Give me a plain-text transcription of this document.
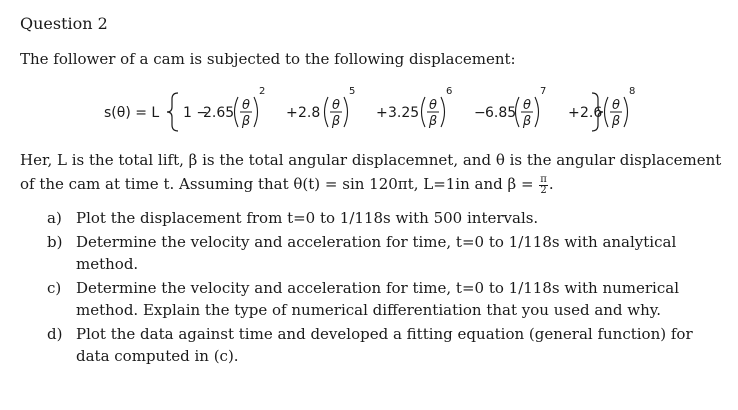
Question 2
The follower of a cam is subjected to the following displacement:
s(θ) = L 1 −
2.65 θ
β
2
+ 2.8 θ
β
5
+ 3.25 θ
β
6
− 6.85 θ
β
7
+ 2.6 θ
β
8
Her, L is the total lift, β is the total angular displacemnet, and θ is the angular displacement
of the cam at time t. Assuming that θ(t) = sin 120πt, L=1in and $\beta = \frac{\pi}{2}$ .
a) Plot the displacement from t=0 to 1/118s with 500 intervals.
b) Determine the velocity and acceleration for time, t=0 to 1/118s with analytical
method.
c) Determine the velocity and acceleration for time, t=0 to 1/118s with numerical
method. Explain the type of numerical differentiation that you used and why.
d) Plot the data against time and developed a fitting equation (general function) for
data computed in (c).
